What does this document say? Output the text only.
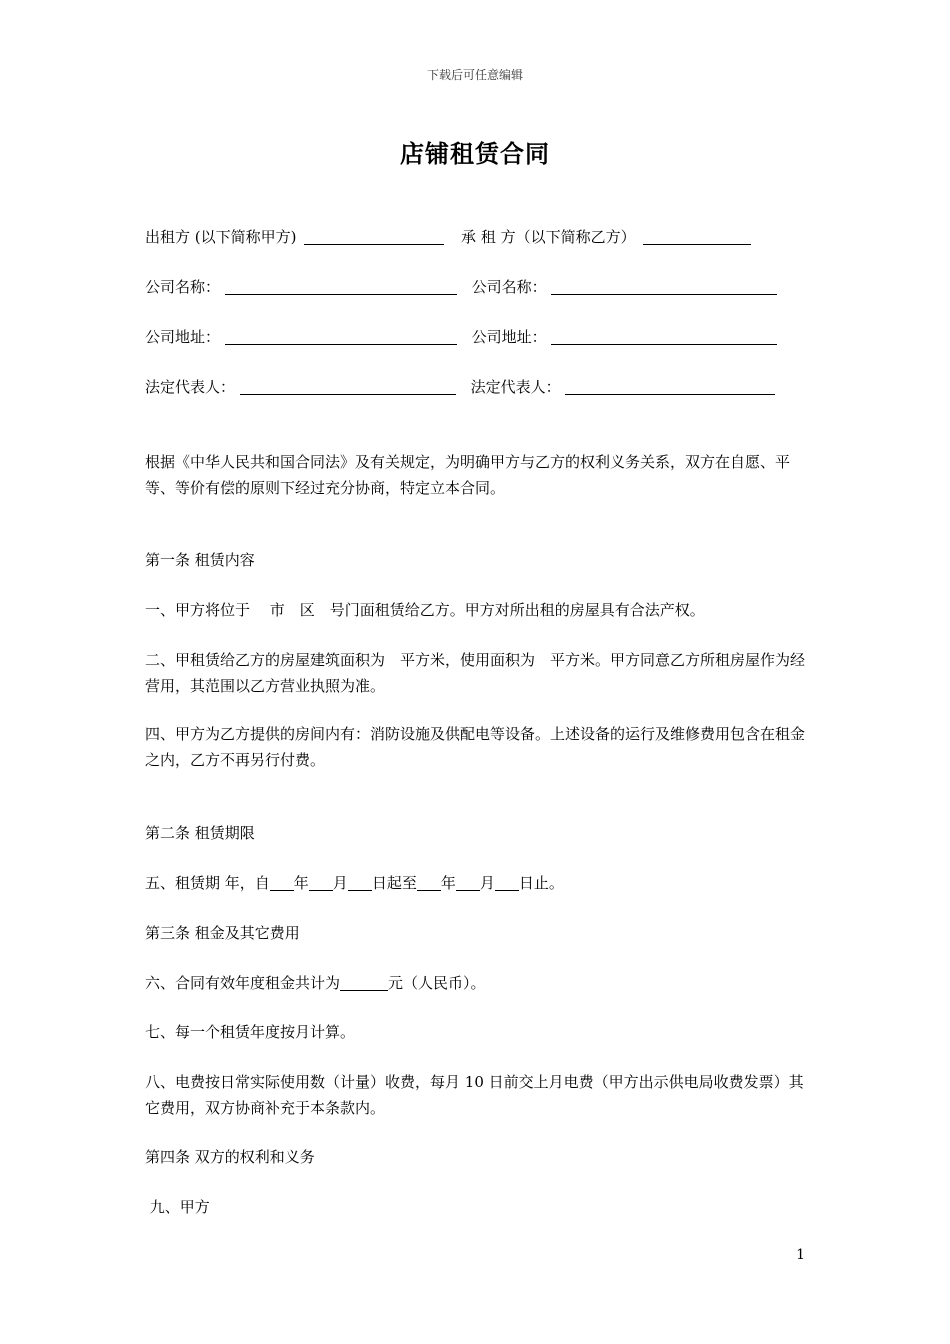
下载后可任意编辑
店铺租赁合同
出租方 (以下简称甲方)	承 租 方（以下简称乙方）
公司名称：	公司名称：
公司地址：	公司地址：
法定代表人：	法定代表人：
根据《中华人民共和国合同法》及有关规定，为明确甲方与乙方的权利义务关系，双方在自愿、平等、等价有偿的原则下经过充分协商，特定立本合同。
第一条 租赁内容
一、甲方将位于　 市　区　号门面租赁给乙方。甲方对所出租的房屋具有合法产权。
二、甲租赁给乙方的房屋建筑面积为　平方米，使用面积为　平方米。甲方同意乙方所租房屋作为经营用，其范围以乙方营业执照为准。
四、甲方为乙方提供的房间内有：消防设施及供配电等设备。上述设备的运行及维修费用包含在租金之内，乙方不再另行付费。
第二条 租赁期限
五、租赁期 年，自 年 月 日起至 年 月 日止。
第三条 租金及其它费用
六、合同有效年度租金共计为	元（人民币）。
七、每一个租赁年度按月计算。
八、电费按日常实际使用数（计量）收费，每月 10 日前交上月电费（甲方出示供电局收费发票）其它费用，双方协商补充于本条款内。
第四条 双方的权利和义务
九、甲方
1
